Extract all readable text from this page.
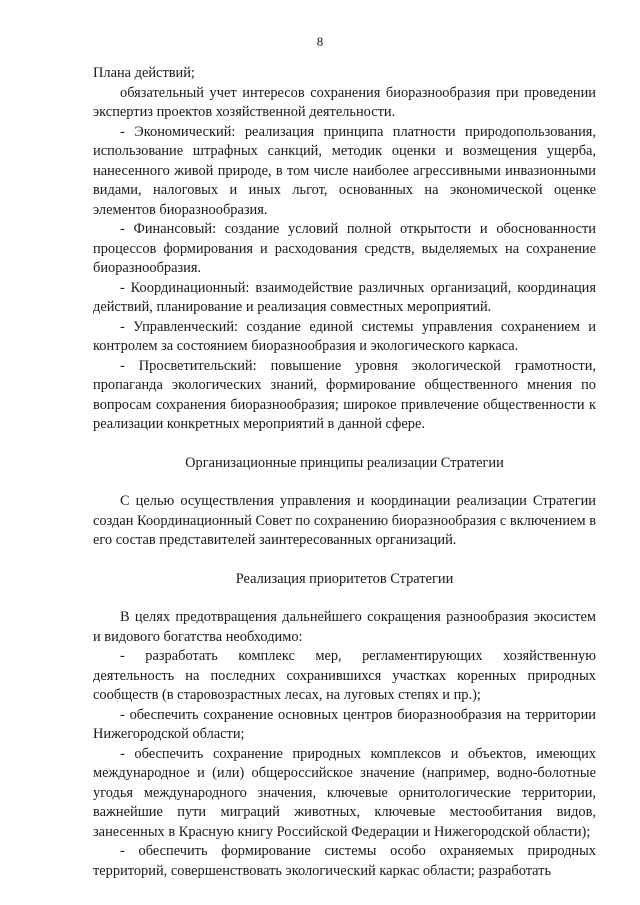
8

Плана действий;

обязательный учет интересов сохранения биоразнообразия при проведении экспертиз проектов хозяйственной деятельности.

- Экономический: реализация принципа платности природопользования, использование штрафных санкций, методик оценки и возмещения ущерба, нанесенного живой природе, в том числе наиболее агрессивными инвазионными видами, налоговых и иных льгот, основанных на экономической оценке элементов биоразнообразия.

- Финансовый: создание условий полной открытости и обоснованности процессов формирования и расходования средств, выделяемых на сохранение биоразнообразия.

- Координационный: взаимодействие различных организаций, координация действий, планирование и реализация совместных мероприятий.

- Управленческий: создание единой системы управления сохранением и контролем за состоянием биоразнообразия и экологического каркаса.

- Просветительский: повышение уровня экологической грамотности, пропаганда экологических знаний, формирование общественного мнения по вопросам сохранения биоразнообразия; широкое привлечение общественности к реализации конкретных мероприятий в данной сфере.

Организационные принципы реализации Стратегии

С целью осуществления управления и координации реализации Стратегии создан Координационный Совет по сохранению биоразнообразия с включением в его состав представителей заинтересованных организаций.

Реализация приоритетов Стратегии

В целях предотвращения дальнейшего сокращения разнообразия экосистем и видового богатства необходимо:

- разработать комплекс мер, регламентирующих хозяйственную деятельность на последних сохранившихся участках коренных природных сообществ (в старовозрастных лесах, на луговых степях и пр.);

- обеспечить сохранение основных центров биоразнообразия на территории Нижегородской области;

- обеспечить сохранение природных комплексов и объектов, имеющих международное и (или) общероссийское значение (например, водно-болотные угодья международного значения, ключевые орнитологические территории, важнейшие пути миграций животных, ключевые местообитания видов, занесенных в Красную книгу Российской Федерации и Нижегородской области);

- обеспечить формирование системы особо охраняемых природных территорий, совершенствовать экологический каркас области; разработать
